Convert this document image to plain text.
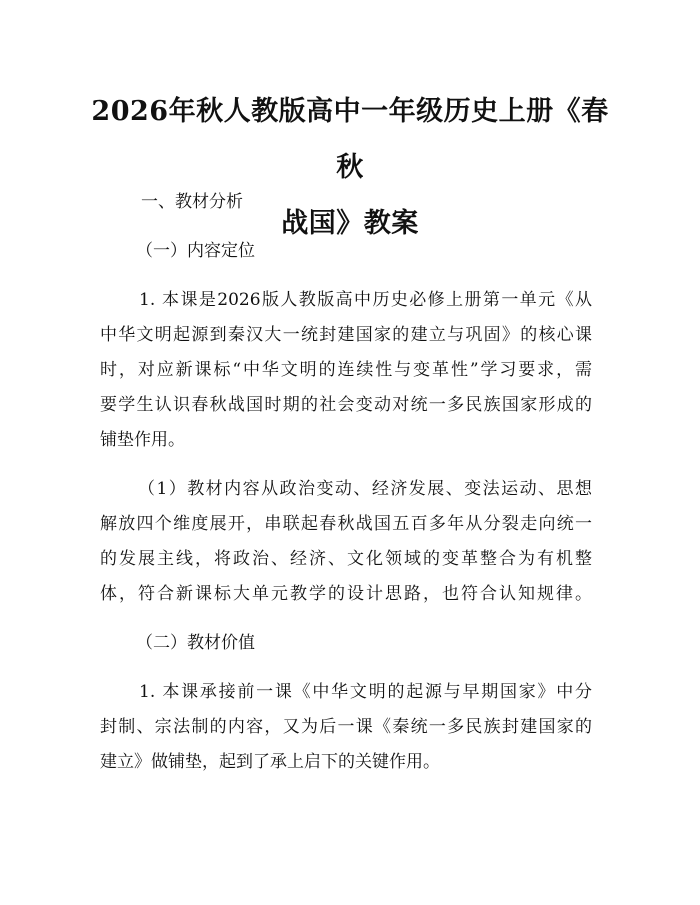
2026年秋人教版高中一年级历史上册《春秋
战国》教案
一、教材分析
（一）内容定位
1. 本课是2026版人教版高中历史必修上册第一单元《从
中华文明起源到秦汉大一统封建国家的建立与巩固》的核心课
时，对应新课标“中华文明的连续性与变革性”学习要求，需
要学生认识春秋战国时期的社会变动对统一多民族国家形成的
铺垫作用。
（1）教材内容从政治变动、经济发展、变法运动、思想
解放四个维度展开，串联起春秋战国五百多年从分裂走向统一
的发展主线，将政治、经济、文化领域的变革整合为有机整
体，符合新课标大单元教学的设计思路，也符合认知规律。
（二）教材价值
1. 本课承接前一课《中华文明的起源与早期国家》中分
封制、宗法制的内容，又为后一课《秦统一多民族封建国家的
建立》做铺垫，起到了承上启下的关键作用。
